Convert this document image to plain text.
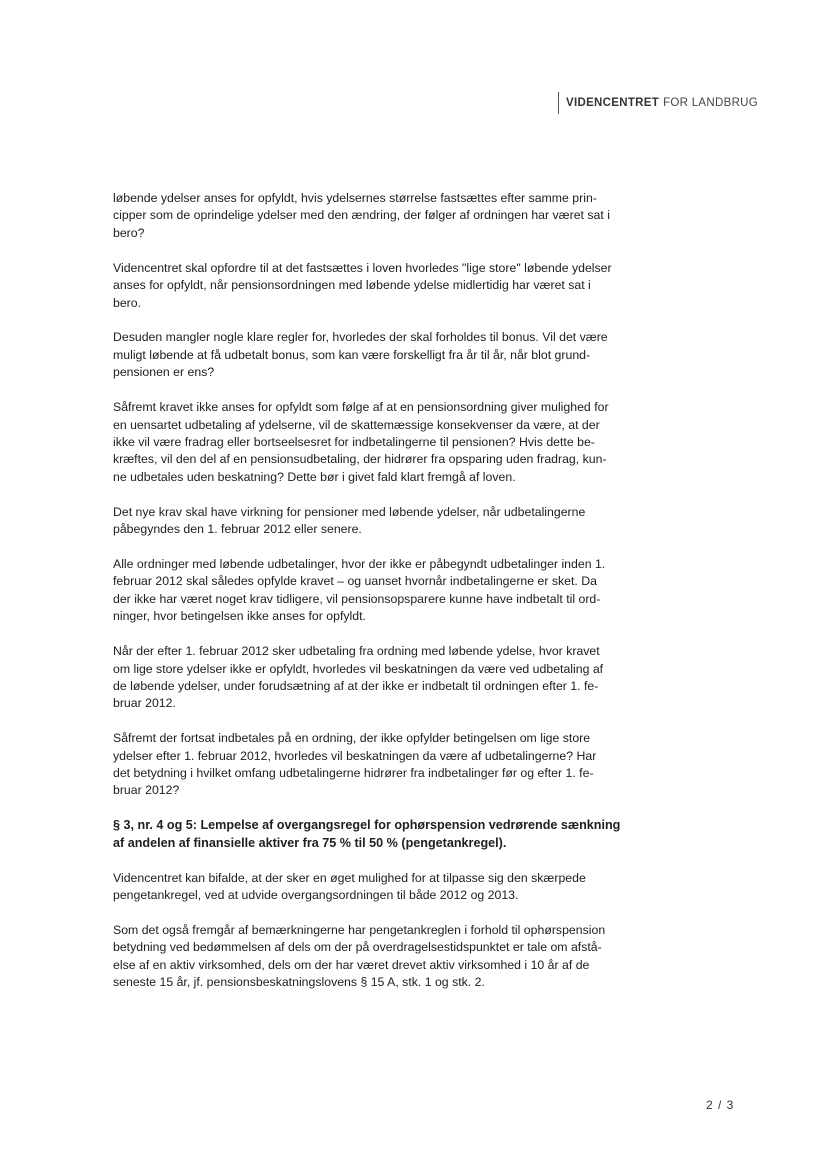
VIDENCENTRET FOR LANDBRUG
løbende ydelser anses for opfyldt, hvis ydelsernes størrelse fastsættes efter samme prin-
cipper som de oprindelige ydelser med den ændring, der følger af ordningen har været sat i
bero?
Videncentret skal opfordre til at det fastsættes i loven hvorledes "lige store" løbende ydelser
anses for opfyldt, når pensionsordningen med løbende ydelse midlertidig har været sat i
bero.
Desuden mangler nogle klare regler for, hvorledes der skal forholdes til bonus. Vil det være
muligt løbende at få udbetalt bonus, som kan være forskelligt fra år til år, når blot grund-
pensionen er ens?
Såfremt kravet ikke anses for opfyldt som følge af at en pensionsordning giver mulighed for
en uensartet udbetaling af ydelserne, vil de skattemæssige konsekvenser da være, at der
ikke vil være fradrag eller bortseelsesret for indbetalingerne til pensionen? Hvis dette be-
kræftes, vil den del af en pensionsudbetaling, der hidrører fra opsparing uden fradrag, kun-
ne udbetales uden beskatning? Dette bør i givet fald klart fremgå af loven.
Det nye krav skal have virkning for pensioner med løbende ydelser, når udbetalingerne
påbegyndes den 1. februar 2012 eller senere.
Alle ordninger med løbende udbetalinger, hvor der ikke er påbegyndt udbetalinger inden 1.
februar 2012 skal således opfylde kravet – og uanset hvornår indbetalingerne er sket. Da
der ikke har været noget krav tidligere, vil pensionsopsparere kunne have indbetalt til ord-
ninger, hvor betingelsen ikke anses for opfyldt.
Når der efter 1. februar 2012 sker udbetaling fra ordning med løbende ydelse, hvor kravet
om lige store ydelser ikke er opfyldt, hvorledes vil beskatningen da være ved udbetaling af
de løbende ydelser, under forudsætning af at der ikke er indbetalt til ordningen efter 1. fe-
bruar 2012.
Såfremt der fortsat indbetales på en ordning, der ikke opfylder betingelsen om lige store
ydelser efter 1. februar 2012, hvorledes vil beskatningen da være af udbetalingerne? Har
det betydning i hvilket omfang udbetalingerne hidrører fra indbetalinger før og efter 1. fe-
bruar 2012?
§ 3, nr. 4 og 5: Lempelse af overgangsregel for ophørspension vedrørende sænkning
af andelen af finansielle aktiver fra 75 % til 50 % (pengetankregel).
Videncentret kan bifalde, at der sker en øget mulighed for at tilpasse sig den skærpede
pengetankregel, ved at udvide overgangsordningen til både 2012 og 2013.
Som det også fremgår af bemærkningerne har pengetankreglen i forhold til ophørspension
betydning ved bedømmelsen af dels om der på overdragelsestidspunktet er tale om afstå-
else af en aktiv virksomhed, dels om der har været drevet aktiv virksomhed i 10 år af de
seneste 15 år, jf. pensionsbeskatningslovens § 15 A, stk. 1 og stk. 2.
2 / 3
